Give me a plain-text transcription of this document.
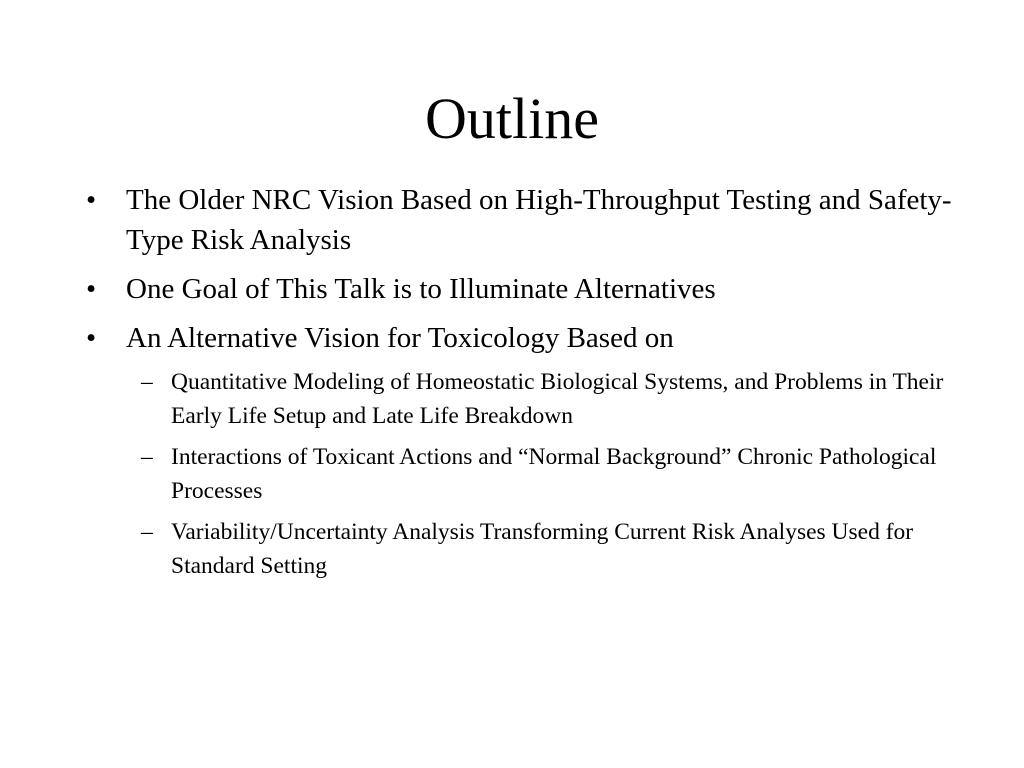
Outline
•	The Older NRC Vision Based on High-Throughput Testing and Safety-Type Risk Analysis
•	One Goal of This Talk is to Illuminate Alternatives
•	An Alternative Vision for Toxicology Based on
– Quantitative Modeling of Homeostatic Biological Systems, and Problems in Their Early Life Setup and Late Life Breakdown
– Interactions of Toxicant Actions and “Normal Background” Chronic Pathological Processes
– Variability/Uncertainty Analysis Transforming Current Risk Analyses Used for Standard Setting
